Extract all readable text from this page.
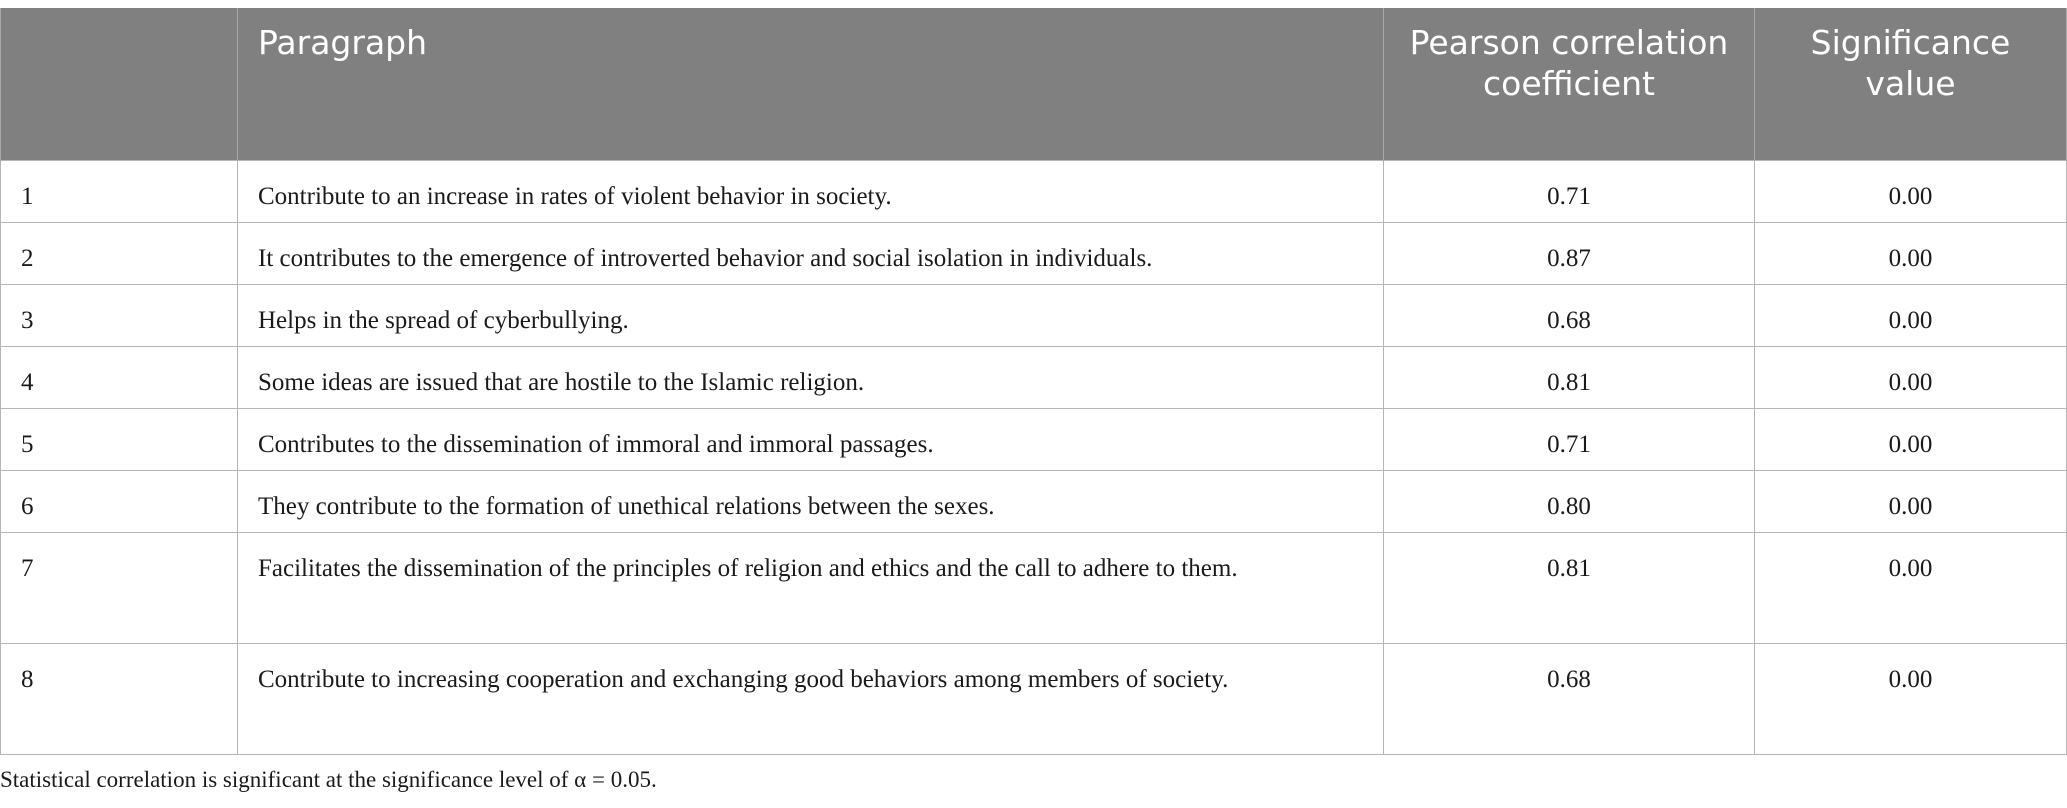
	Paragraph	Pearson correlation coefficient	Significance value
1	Contribute to an increase in rates of violent behavior in society.	0.71	0.00
2	It contributes to the emergence of introverted behavior and social isolation in individuals.	0.87	0.00
3	Helps in the spread of cyberbullying.	0.68	0.00
4	Some ideas are issued that are hostile to the Islamic religion.	0.81	0.00
5	Contributes to the dissemination of immoral and immoral passages.	0.71	0.00
6	They contribute to the formation of unethical relations between the sexes.	0.80	0.00
7	Facilitates the dissemination of the principles of religion and ethics and the call to adhere to them.	0.81	0.00
8	Contribute to increasing cooperation and exchanging good behaviors among members of society.	0.68	0.00
Statistical correlation is significant at the significance level of α = 0.05.
